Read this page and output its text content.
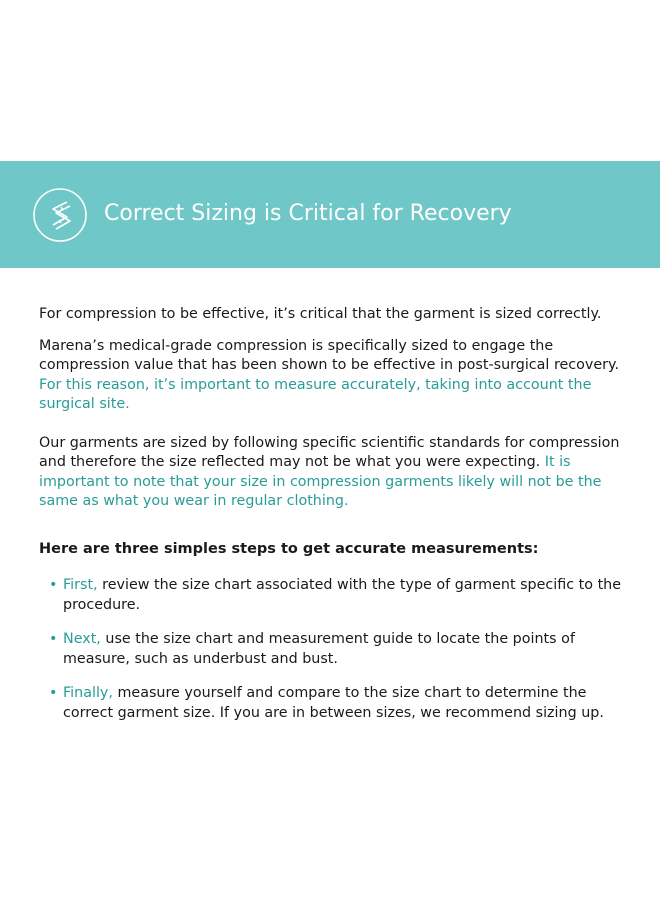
Correct Sizing is Critical for Recovery

For compression to be effective, it’s critical that the garment is sized correctly.

Marena’s medical-grade compression is specifically sized to engage the compression value that has been shown to be effective in post-surgical recovery. For this reason, it’s important to measure accurately, taking into account the surgical site.

Our garments are sized by following specific scientific standards for compression and therefore the size reflected may not be what you were expecting. It is important to note that your size in compression garments likely will not be the same as what you wear in regular clothing.

Here are three simples steps to get accurate measurements:
• First, review the size chart associated with the type of garment specific to the procedure.
• Next, use the size chart and measurement guide to locate the points of measure, such as underbust and bust.
• Finally, measure yourself and compare to the size chart to determine the correct garment size. If you are in between sizes, we recommend sizing up.
